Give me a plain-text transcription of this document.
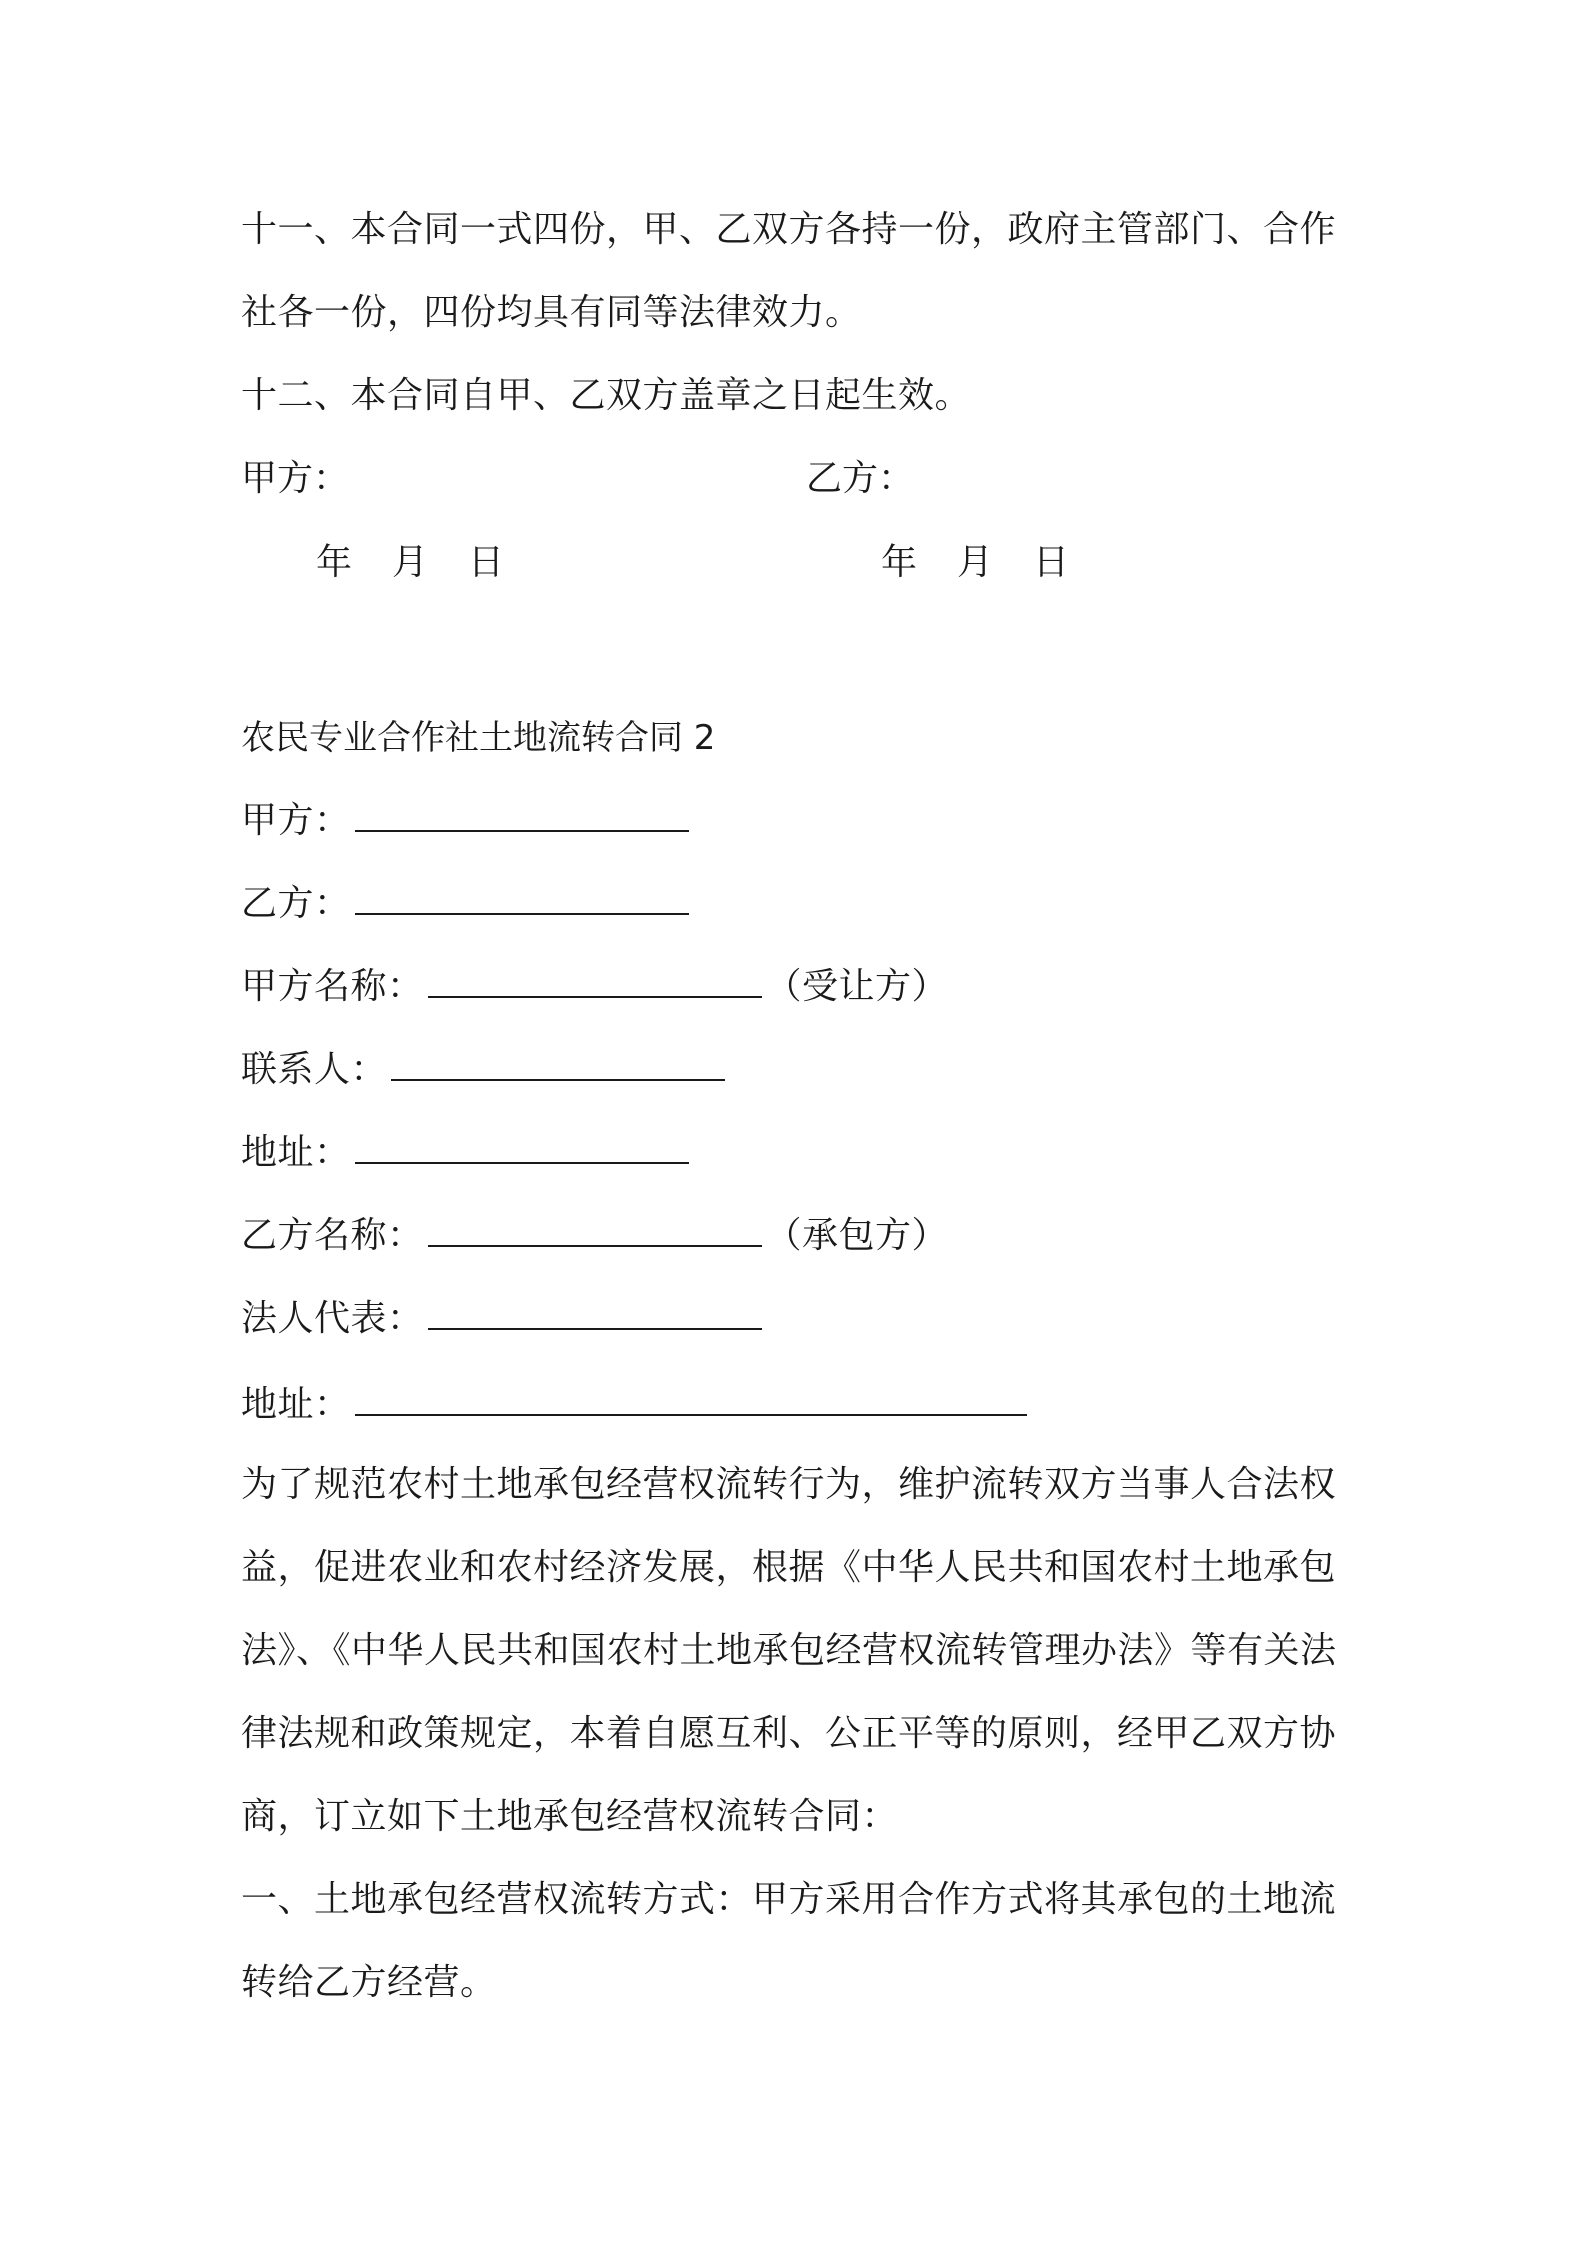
十一、本合同一式四份，甲、乙双方各持一份，政府主管部门、合作
社各一份，四份均具有同等法律效力。
十二、本合同自甲、乙双方盖章之日起生效。
甲方：	乙方：
年 月 日	年 月 日
农民专业合作社土地流转合同 2
甲方：
乙方：
甲方名称：	（受让方）
联系人：
地址：
乙方名称：	（承包方）
法人代表：
地址：
为了规范农村土地承包经营权流转行为，维护流转双方当事人合法权
益，促进农业和农村经济发展，根据《中华人民共和国农村土地承包
法》、《中华人民共和国农村土地承包经营权流转管理办法》等有关法
律法规和政策规定，本着自愿互利、公正平等的原则，经甲乙双方协
商，订立如下土地承包经营权流转合同：
一、土地承包经营权流转方式：甲方采用合作方式将其承包的土地流
转给乙方经营。
